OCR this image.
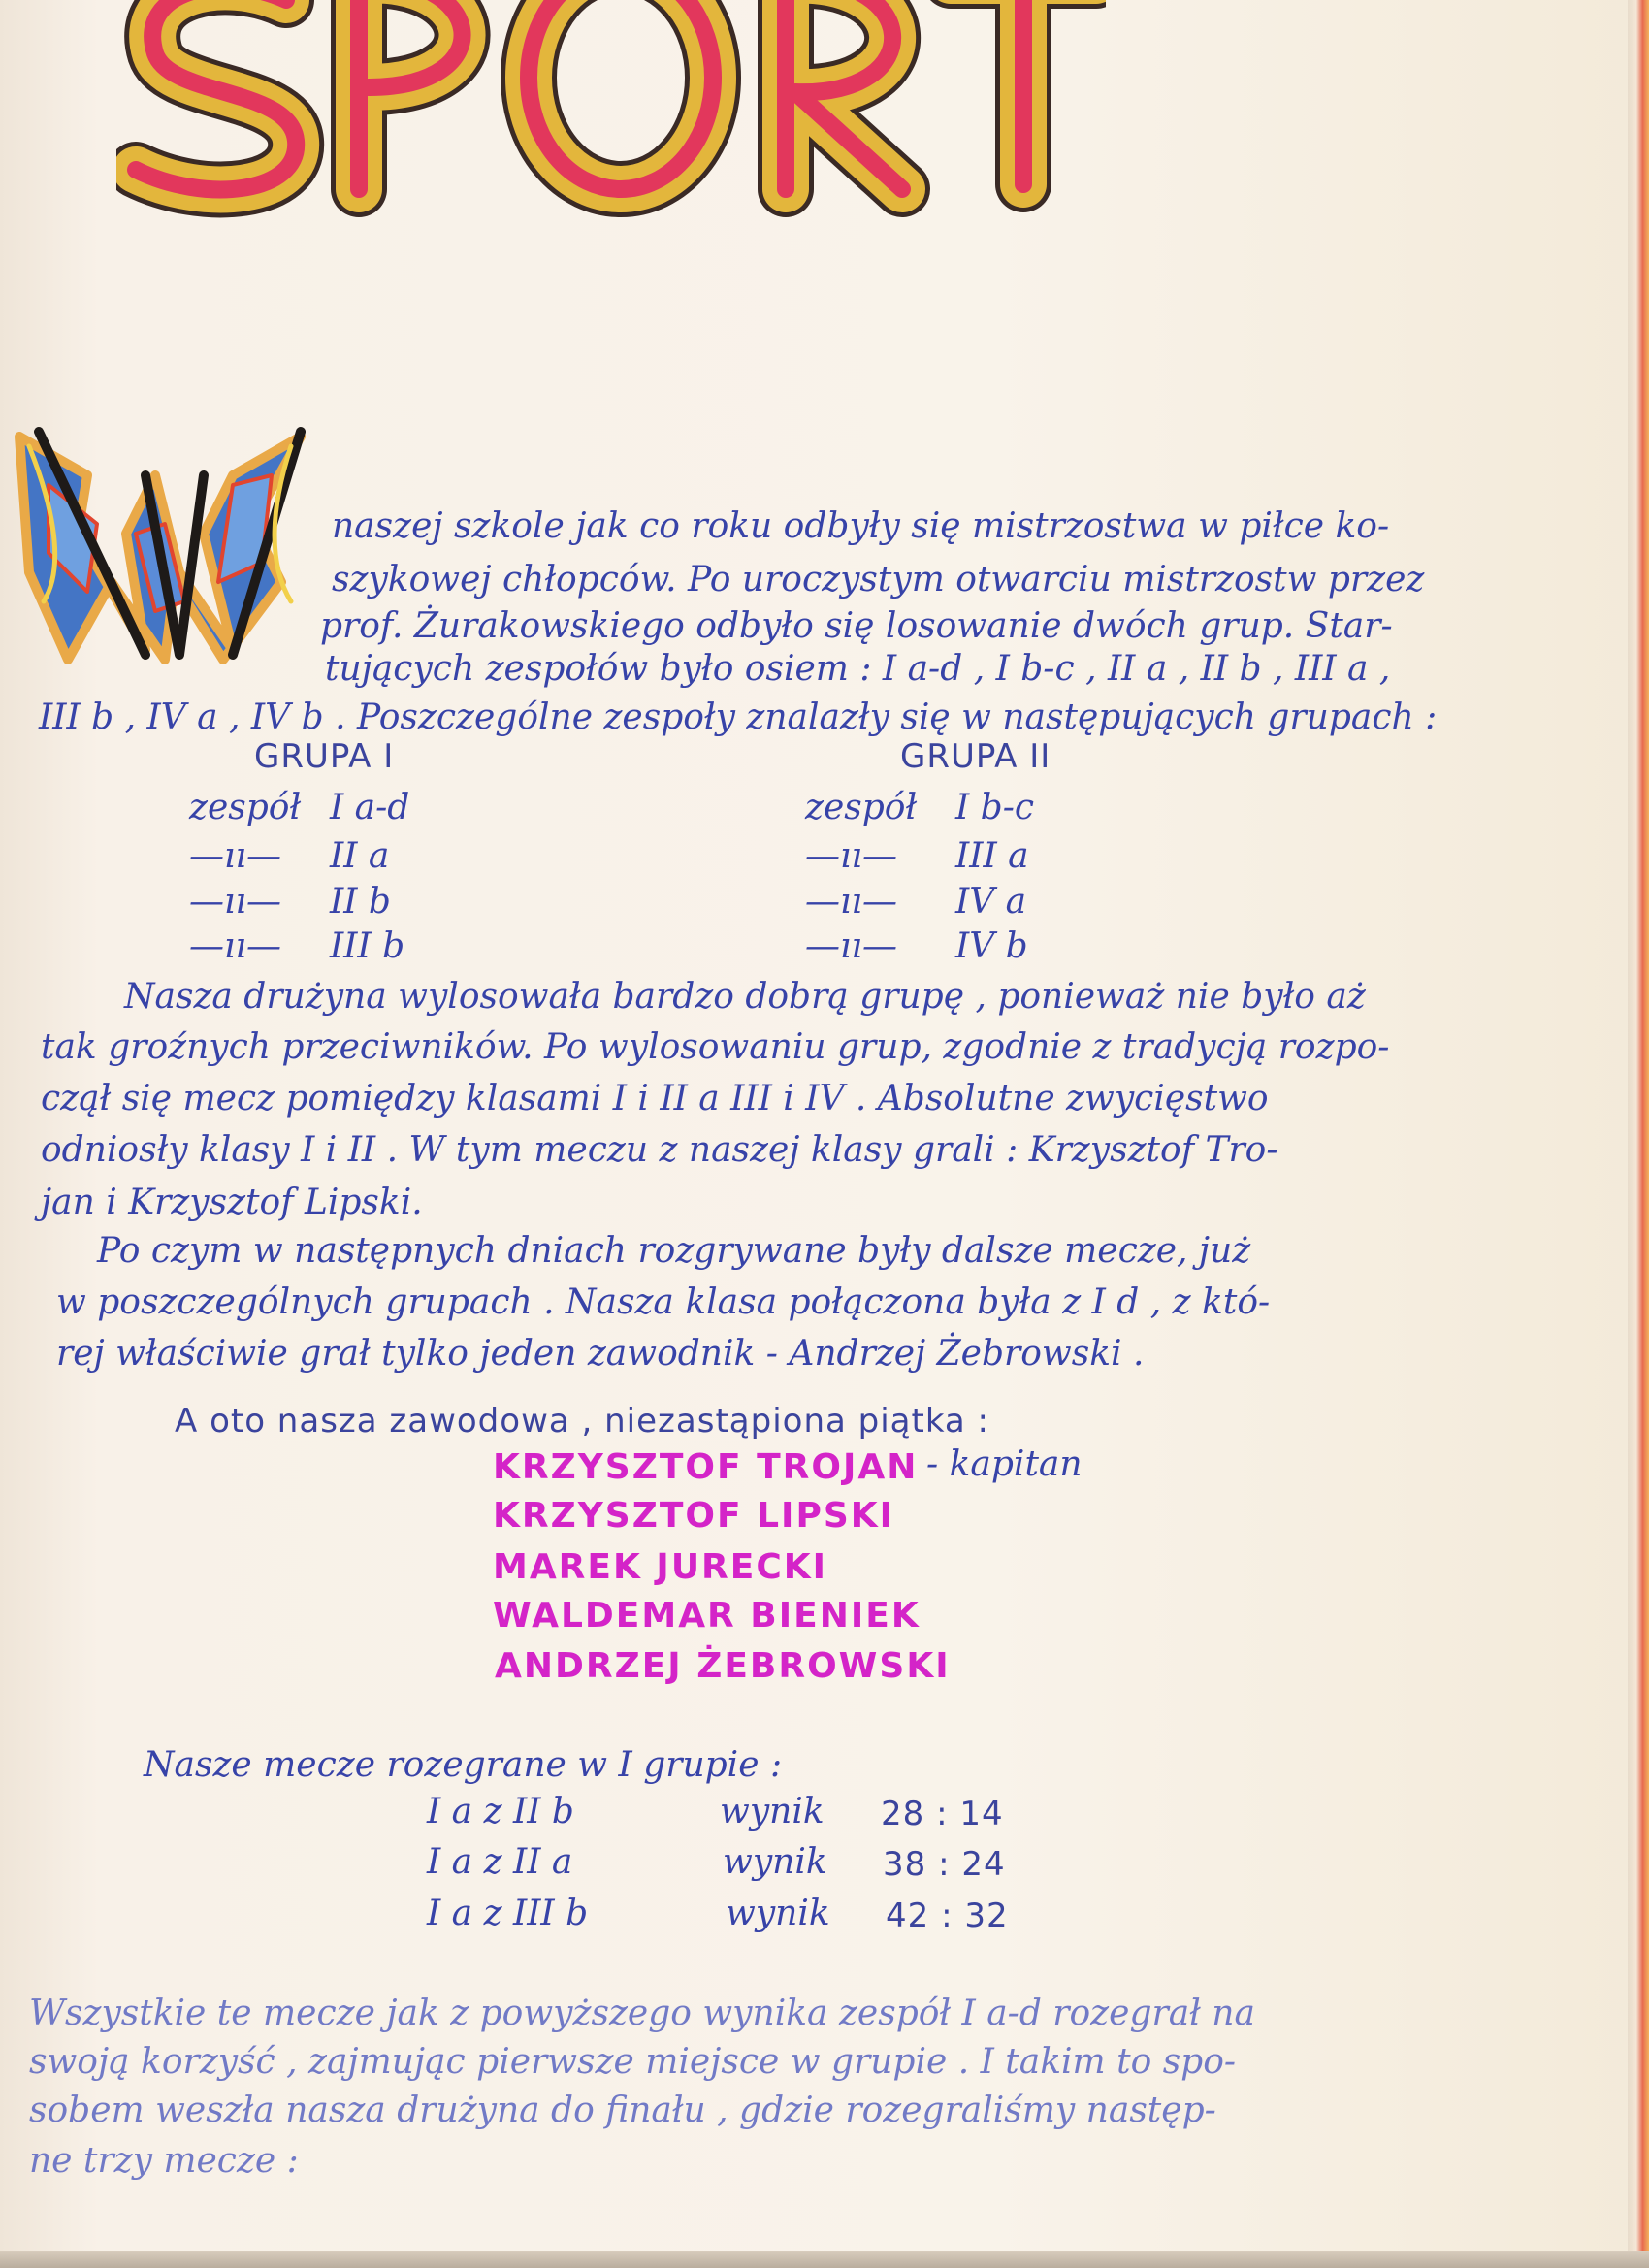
naszej szkole jak co roku odbyły się mistrzostwa w piłce ko-
szykowej chłopców. Po uroczystym otwarciu mistrzostw przez
prof. Żurakowskiego odbyło się losowanie dwóch grup. Star-
tujących zespołów było osiem : I a-d , I b-c , II a , II b , III a ,
III b , IV a , IV b . Poszczególne zespoły znalazły się w następujących grupach :
GRUPA I
zespół I a-d
—ıı— II a
—ıı— II b
—ıı— III b
GRUPA II
zespół I b-c
—ıı— III a
—ıı— IV a
—ıı— IV b
Nasza drużyna wylosowała bardzo dobrą grupę , ponieważ nie było aż
tak groźnych przeciwników. Po wylosowaniu grup, zgodnie z tradycją rozpo-
czął się mecz pomiędzy klasami I i II a III i IV . Absolutne zwycięstwo
odniosły klasy I i II . W tym meczu z naszej klasy grali : Krzysztof Tro-
jan i Krzysztof Lipski.
Po czym w następnych dniach rozgrywane były dalsze mecze, już
w poszczególnych grupach . Nasza klasa połączona była z I d , z któ-
rej właściwie grał tylko jeden zawodnik - Andrzej Żebrowski .
A oto nasza zawodowa , niezastąpiona piątka :
KRZYSZTOF TROJAN - kapitan
KRZYSZTOF LIPSKI
MAREK JURECKI
WALDEMAR BIENIEK
ANDRZEJ ŻEBROWSKI
Nasze mecze rozegrane w I grupie :
I a z II b	wynik 28 : 14
I a z II a	wynik 38 : 24
I a z III b	wynik 42 : 32
Wszystkie te mecze jak z powyższego wynika zespół I a-d rozegrał na
swoją korzyść , zajmując pierwsze miejsce w grupie . I takim to spo-
sobem weszła nasza drużyna do finału , gdzie rozegraliśmy następ-
ne trzy mecze :
